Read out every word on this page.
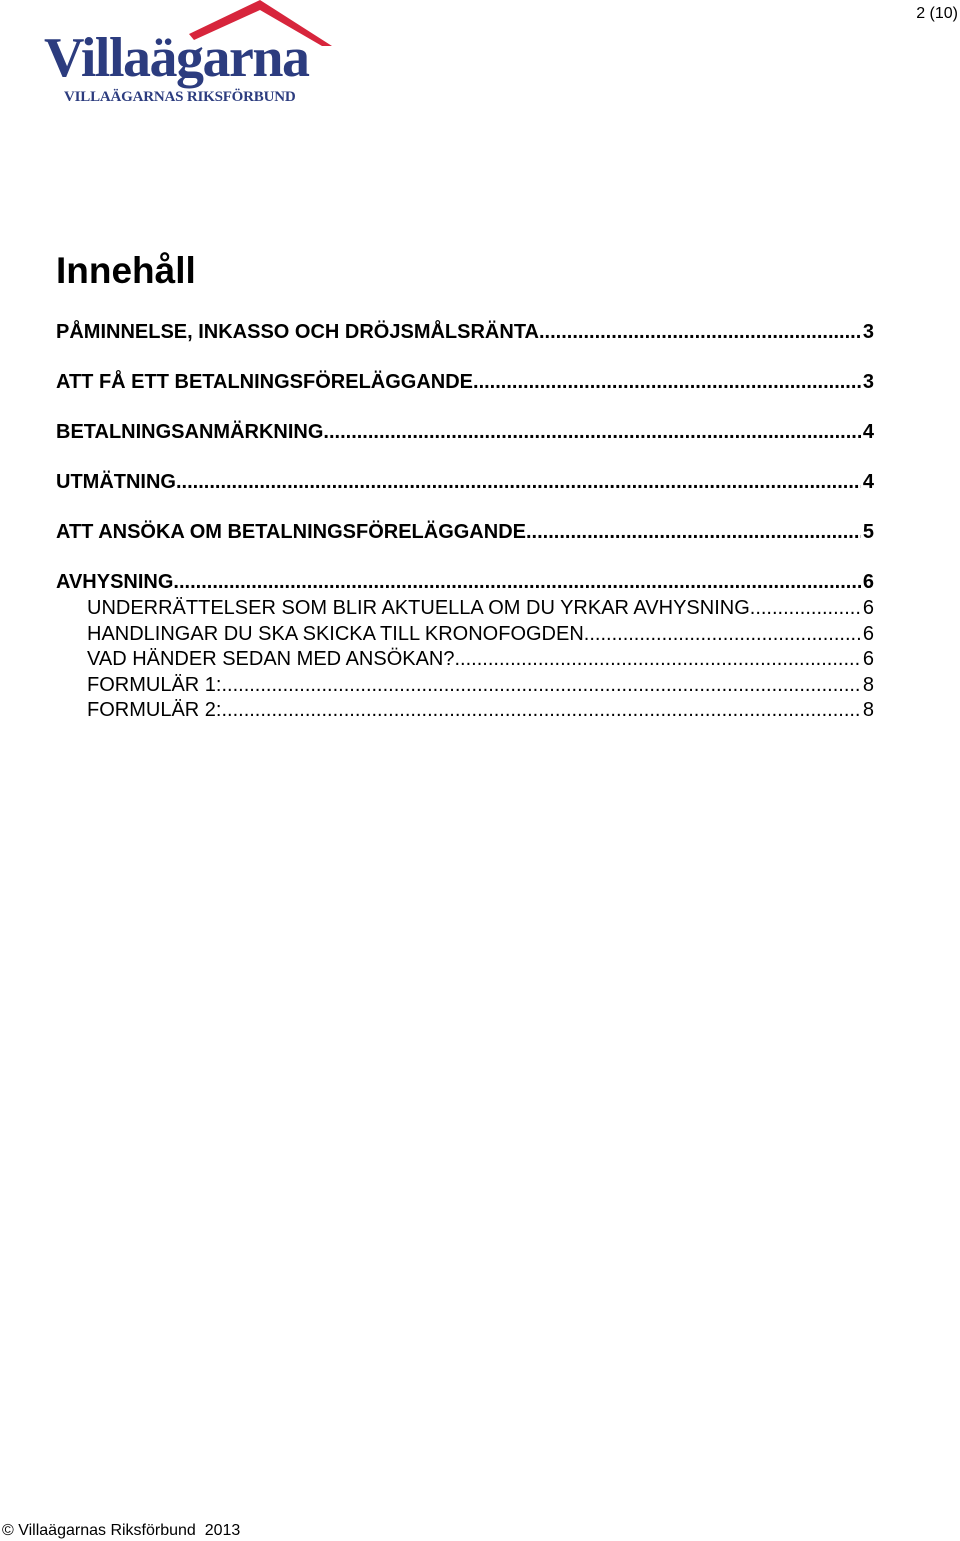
2 (10)
Villaägarna
VILLAÄGARNAS RIKSFÖRBUND
Innehåll
PÅMINNELSE, INKASSO OCH DRÖJSMÅLSRÄNTA .....	3
ATT FÅ ETT BETALNINGSFÖRELÄGGANDE .....	3
BETALNINGSANMÄRKNING .....	4
UTMÄTNING .....	4
ATT ANSÖKA OM BETALNINGSFÖRELÄGGANDE .....	5
AVHYSNING .....	6
UNDERRÄTTELSER SOM BLIR AKTUELLA OM DU YRKAR AVHYSNING .....	6
HANDLINGAR DU SKA SKICKA TILL KRONOFOGDEN .....	6
VAD HÄNDER SEDAN MED ANSÖKAN? .....	6
FORMULÄR 1: .....	8
FORMULÄR 2: .....	8
© Villaägarnas Riksförbund  2013
